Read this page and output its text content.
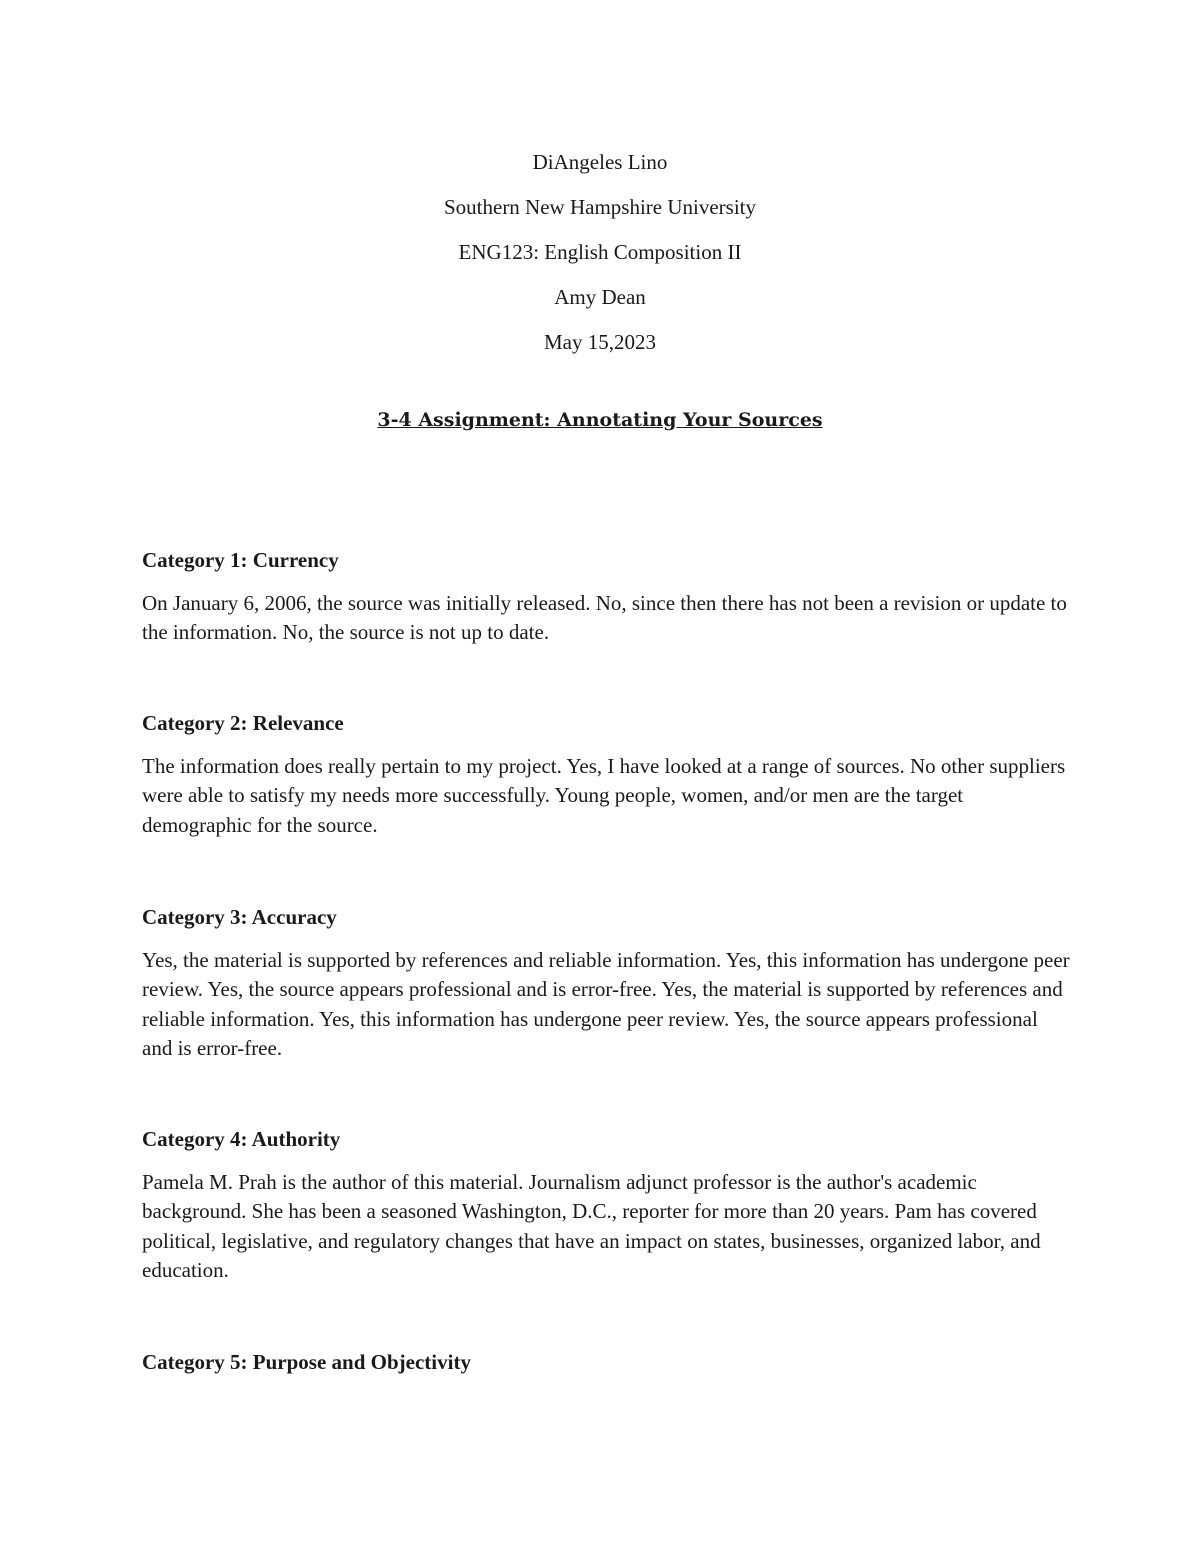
DiAngeles Lino
Southern New Hampshire University
ENG123: English Composition II
Amy Dean
May 15,2023
3-4 Assignment: Annotating Your Sources
Category 1: Currency

On January 6, 2006, the source was initially released. No, since then there has not been a revision or update to the information. No, the source is not up to date.

Category 2: Relevance

The information does really pertain to my project. Yes, I have looked at a range of sources. No other suppliers were able to satisfy my needs more successfully. Young people, women, and/or men are the target demographic for the source.

Category 3: Accuracy

Yes, the material is supported by references and reliable information. Yes, this information has undergone peer review. Yes, the source appears professional and is error-free. Yes, the material is supported by references and reliable information. Yes, this information has undergone peer review. Yes, the source appears professional and is error-free.

Category 4: Authority

Pamela M. Prah is the author of this material. Journalism adjunct professor is the author's academic background. She has been a seasoned Washington, D.C., reporter for more than 20 years. Pam has covered political, legislative, and regulatory changes that have an impact on states, businesses, organized labor, and education.

Category 5: Purpose and Objectivity
